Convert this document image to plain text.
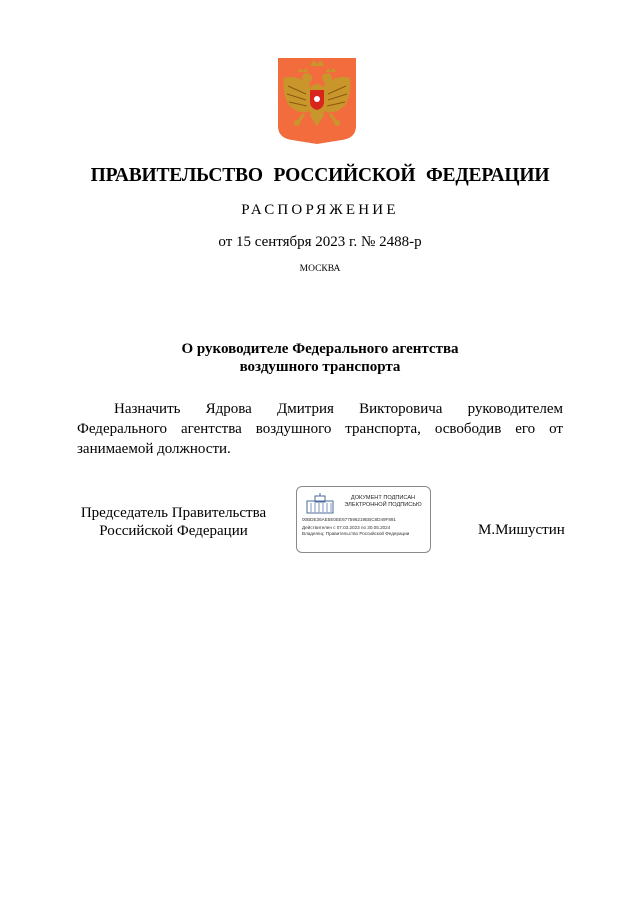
ПРАВИТЕЛЬСТВО РОССИЙСКОЙ ФЕДЕРАЦИИ
РАСПОРЯЖЕНИЕ
от 15 сентября 2023 г. № 2488-р
МОСКВА
О руководителе Федерального агентства
воздушного транспорта
Назначить Ядрова Дмитрия Викторовича руководителем Федерального агентства воздушного транспорта, освободив его от занимаемой должности.
Председатель Правительства
Российской Федерации
ДОКУМЕНТ ПОДПИСАН
ЭЛЕКТРОННОЙ ПОДПИСЬЮ
00BDE36AE5E0EE677596219EBC8D49F891
Действителен с 07.03.2023 по 30.05.2024
Владелец: Правительство Российской Федерации	М.Мишустин
